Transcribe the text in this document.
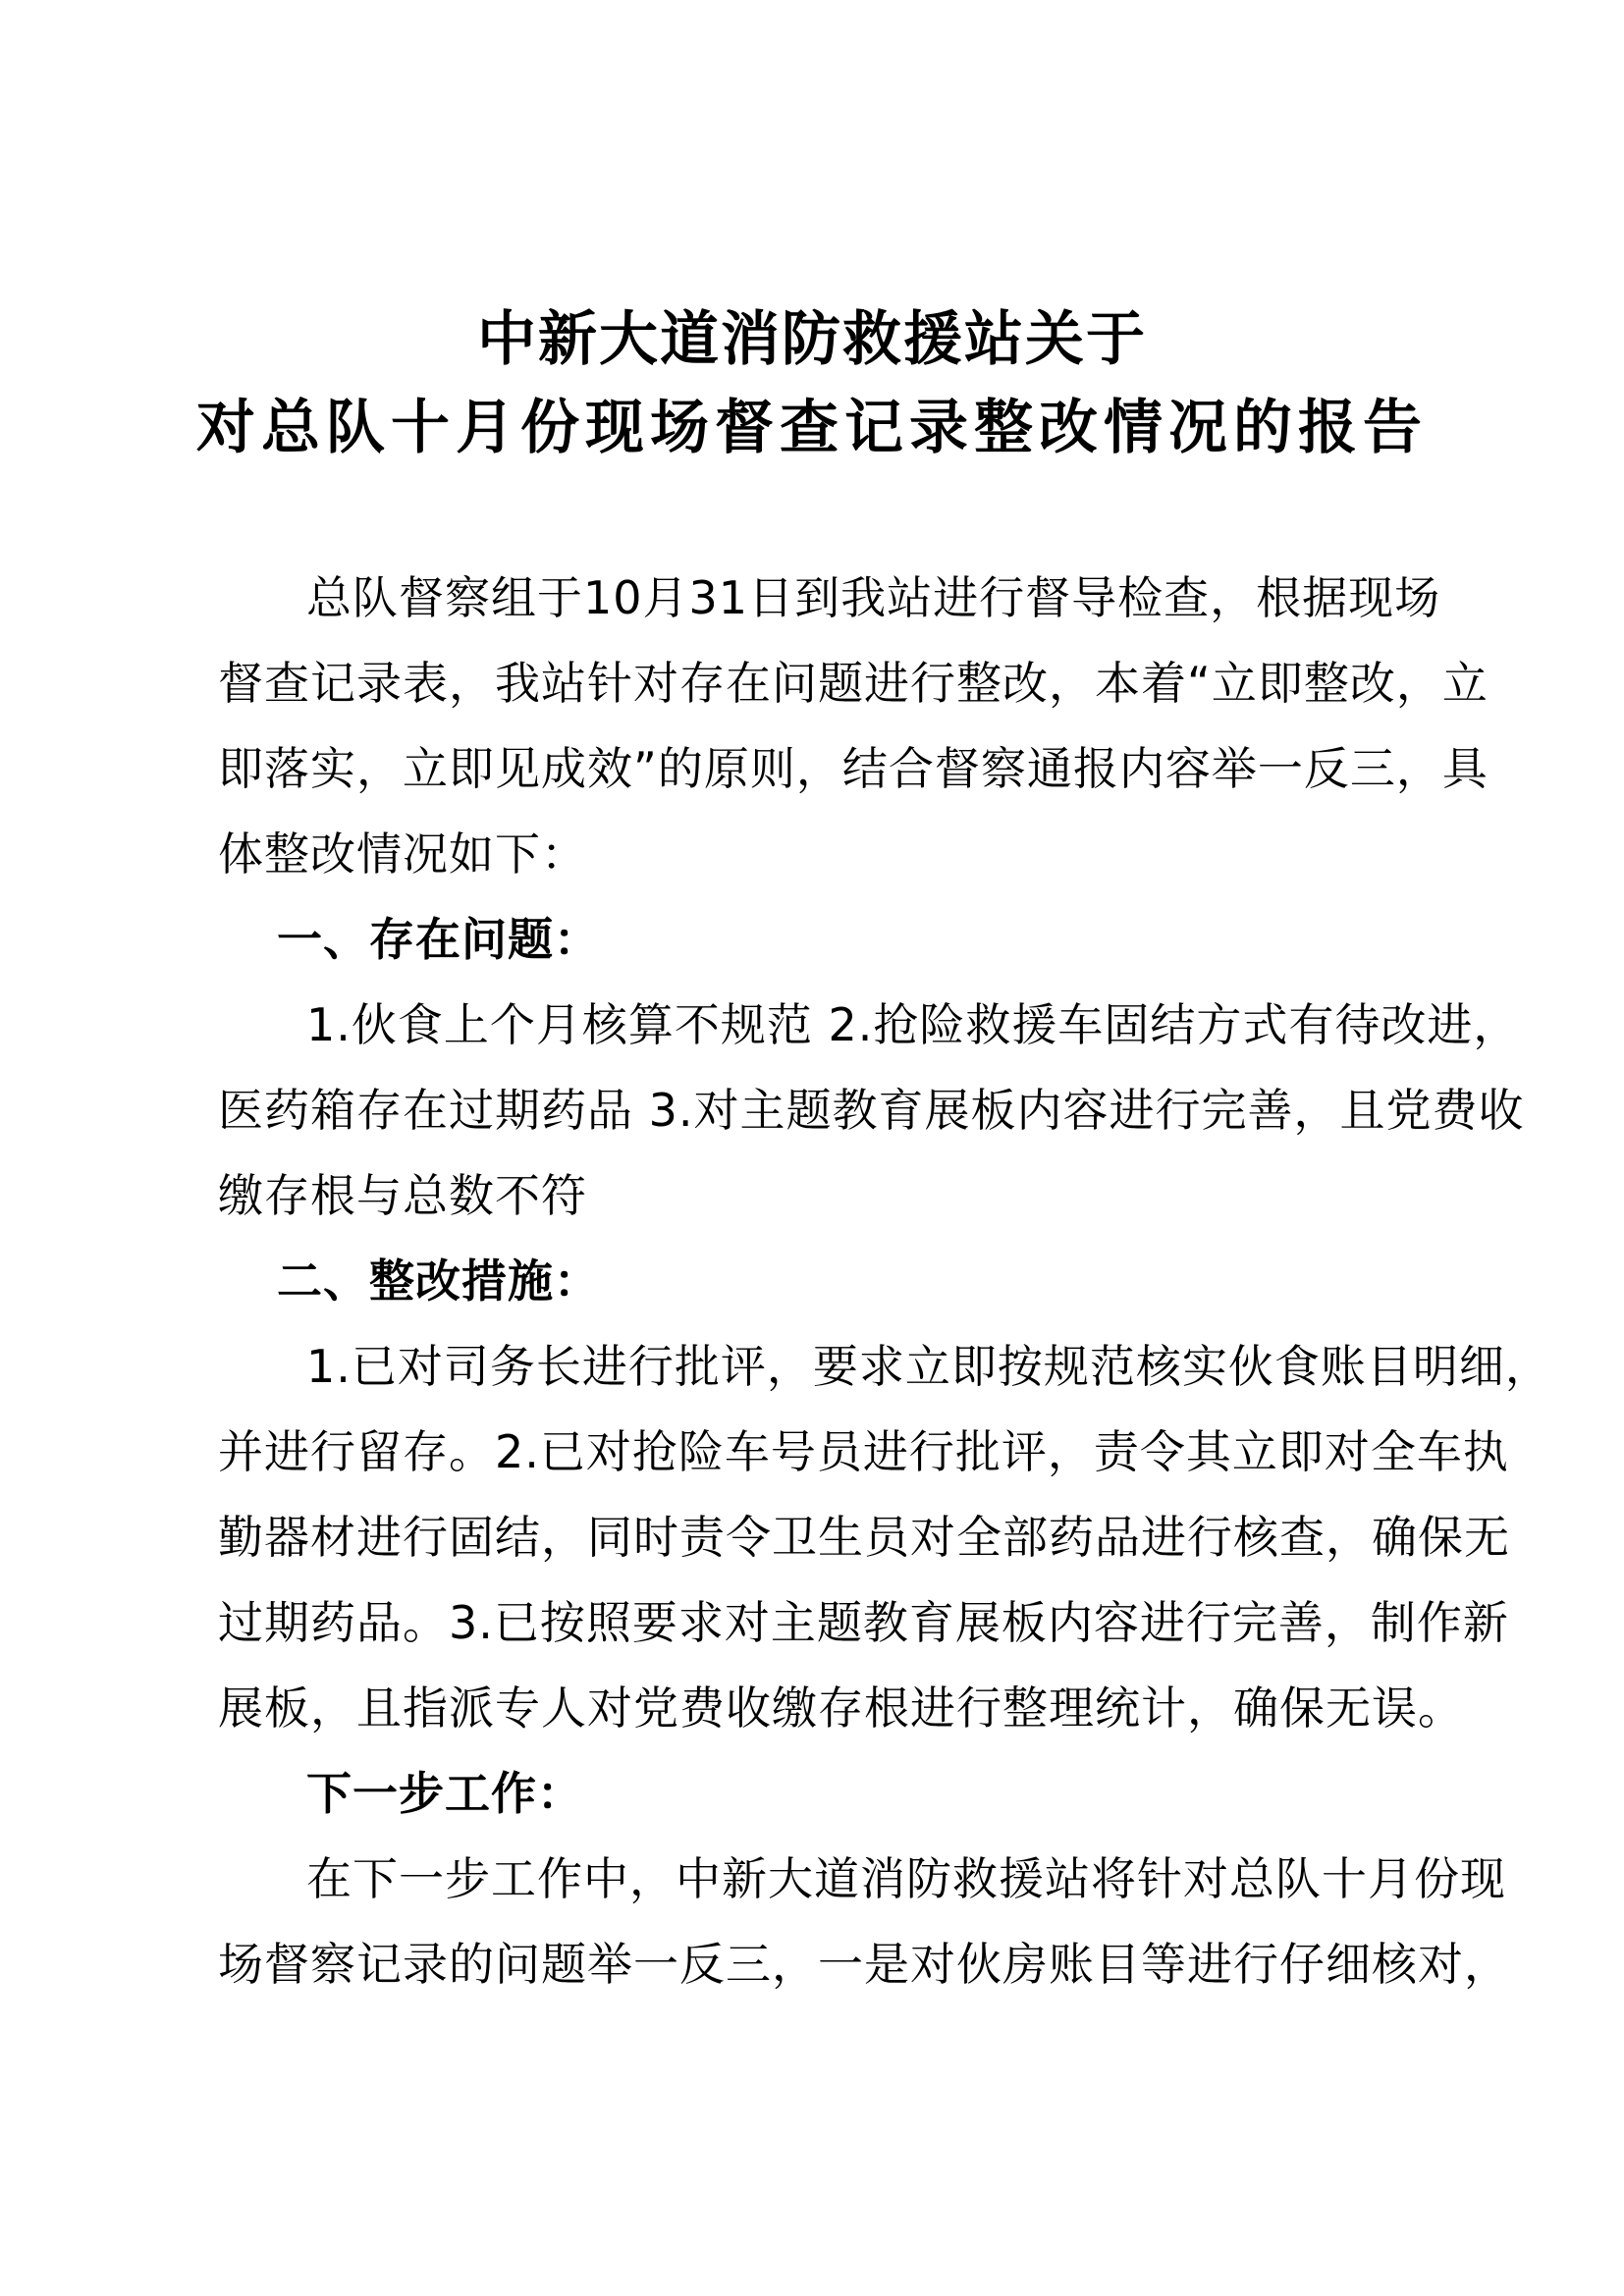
中新大道消防救援站关于
对总队十月份现场督查记录整改情况的报告
总队督察组于10月31日到我站进行督导检查，根据现场
督查记录表，我站针对存在问题进行整改，本着“立即整改，立
即落实，立即见成效”的原则，结合督察通报内容举一反三，具
体整改情况如下：
一、存在问题：
1.伙食上个月核算不规范 2.抢险救援车固结方式有待改进，
医药箱存在过期药品 3.对主题教育展板内容进行完善，且党费收
缴存根与总数不符
二、整改措施：
1.已对司务长进行批评，要求立即按规范核实伙食账目明细，
并进行留存。2.已对抢险车号员进行批评，责令其立即对全车执
勤器材进行固结，同时责令卫生员对全部药品进行核查，确保无
过期药品。3.已按照要求对主题教育展板内容进行完善，制作新
展板，且指派专人对党费收缴存根进行整理统计，确保无误。
下一步工作：
在下一步工作中，中新大道消防救援站将针对总队十月份现
场督察记录的问题举一反三，一是对伙房账目等进行仔细核对，
